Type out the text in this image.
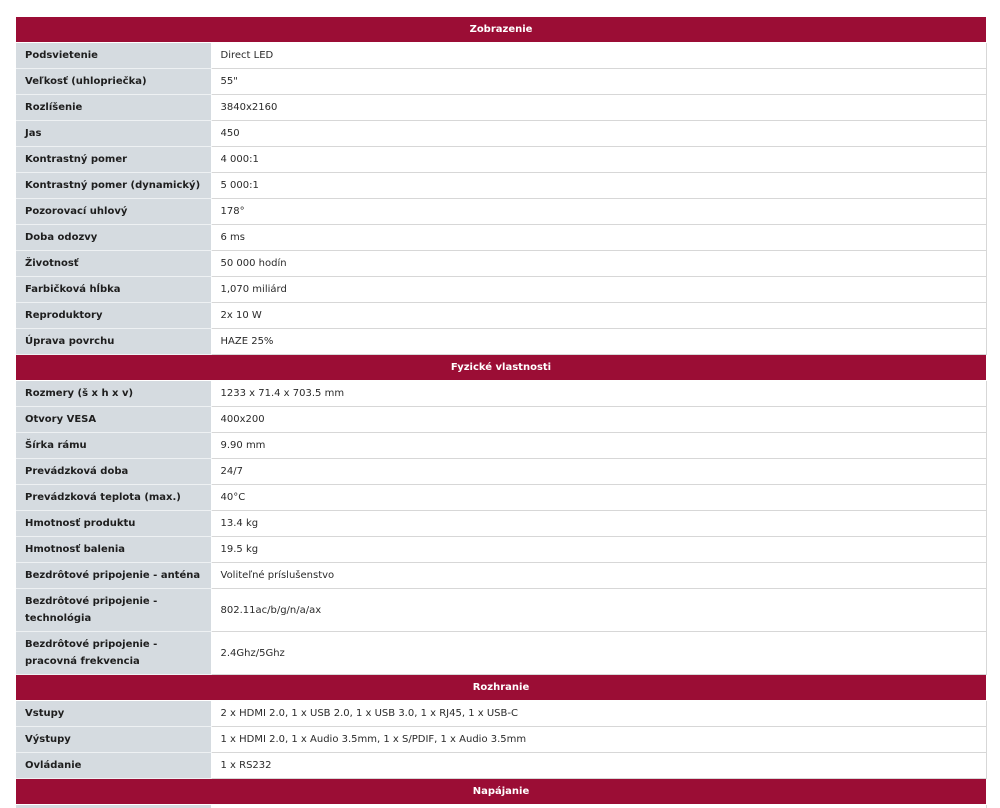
Zobrazenie	
Podsvietenie	Direct LED
Veľkosť (uhlopriečka)	55"
Rozlíšenie	3840x2160
Jas	450
Kontrastný pomer	4 000:1
Kontrastný pomer (dynamický)	5 000:1
Pozorovací uhlový	178°
Doba odozvy	6 ms
Životnosť	50 000 hodín
Farbičková hĺbka	1,070 miliárd
Reproduktory	2x 10 W
Úprava povrchu	HAZE 25%
Fyzické vlastnosti	
Rozmery (š x h x v)	1233 x 71.4 x 703.5 mm
Otvory VESA	400x200
Šírka rámu	9.90 mm
Prevádzková doba	24/7
Prevádzková teplota (max.)	40°C
Hmotnosť produktu	13.4 kg
Hmotnosť balenia	19.5 kg
Bezdrôtové pripojenie - anténa	Voliteľné príslušenstvo
Bezdrôtové pripojenie - technológia	802.11ac/b/g/n/a/ax
Bezdrôtové pripojenie - pracovná frekvencia	2.4Ghz/5Ghz
Rozhranie	
Vstupy	2 x HDMI 2.0, 1 x USB 2.0, 1 x USB 3.0, 1 x RJ45, 1 x USB-C
Výstupy	1 x HDMI 2.0, 1 x Audio 3.5mm, 1 x S/PDIF, 1 x Audio 3.5mm
Ovládanie	1 x RS232
Napájanie	
